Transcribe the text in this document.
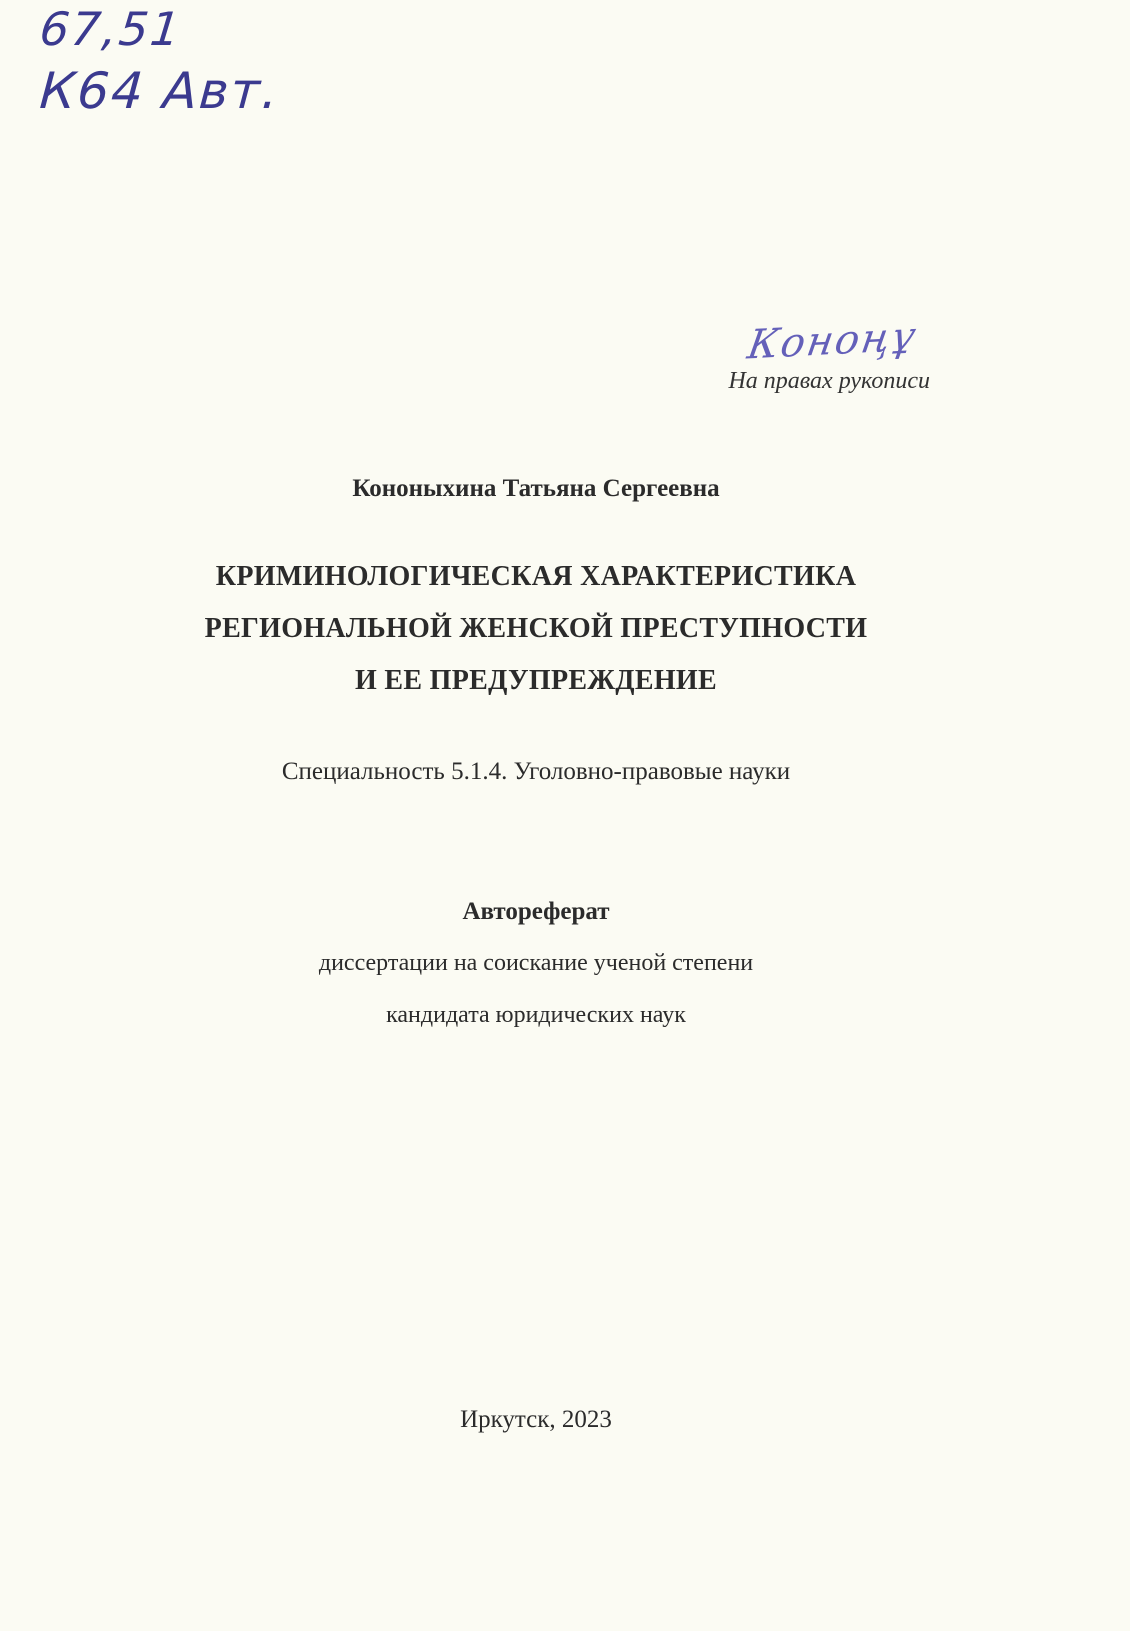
67,51
К64 Авт.
Коноңұ
На правах рукописи
Кононыхина Татьяна Сергеевна
КРИМИНОЛОГИЧЕСКАЯ ХАРАКТЕРИСТИКА
РЕГИОНАЛЬНОЙ ЖЕНСКОЙ ПРЕСТУПНОСТИ
И ЕЕ ПРЕДУПРЕЖДЕНИЕ
Специальность 5.1.4. Уголовно-правовые науки
Автореферат
диссертации на соискание ученой степени
кандидата юридических наук
Иркутск, 2023
